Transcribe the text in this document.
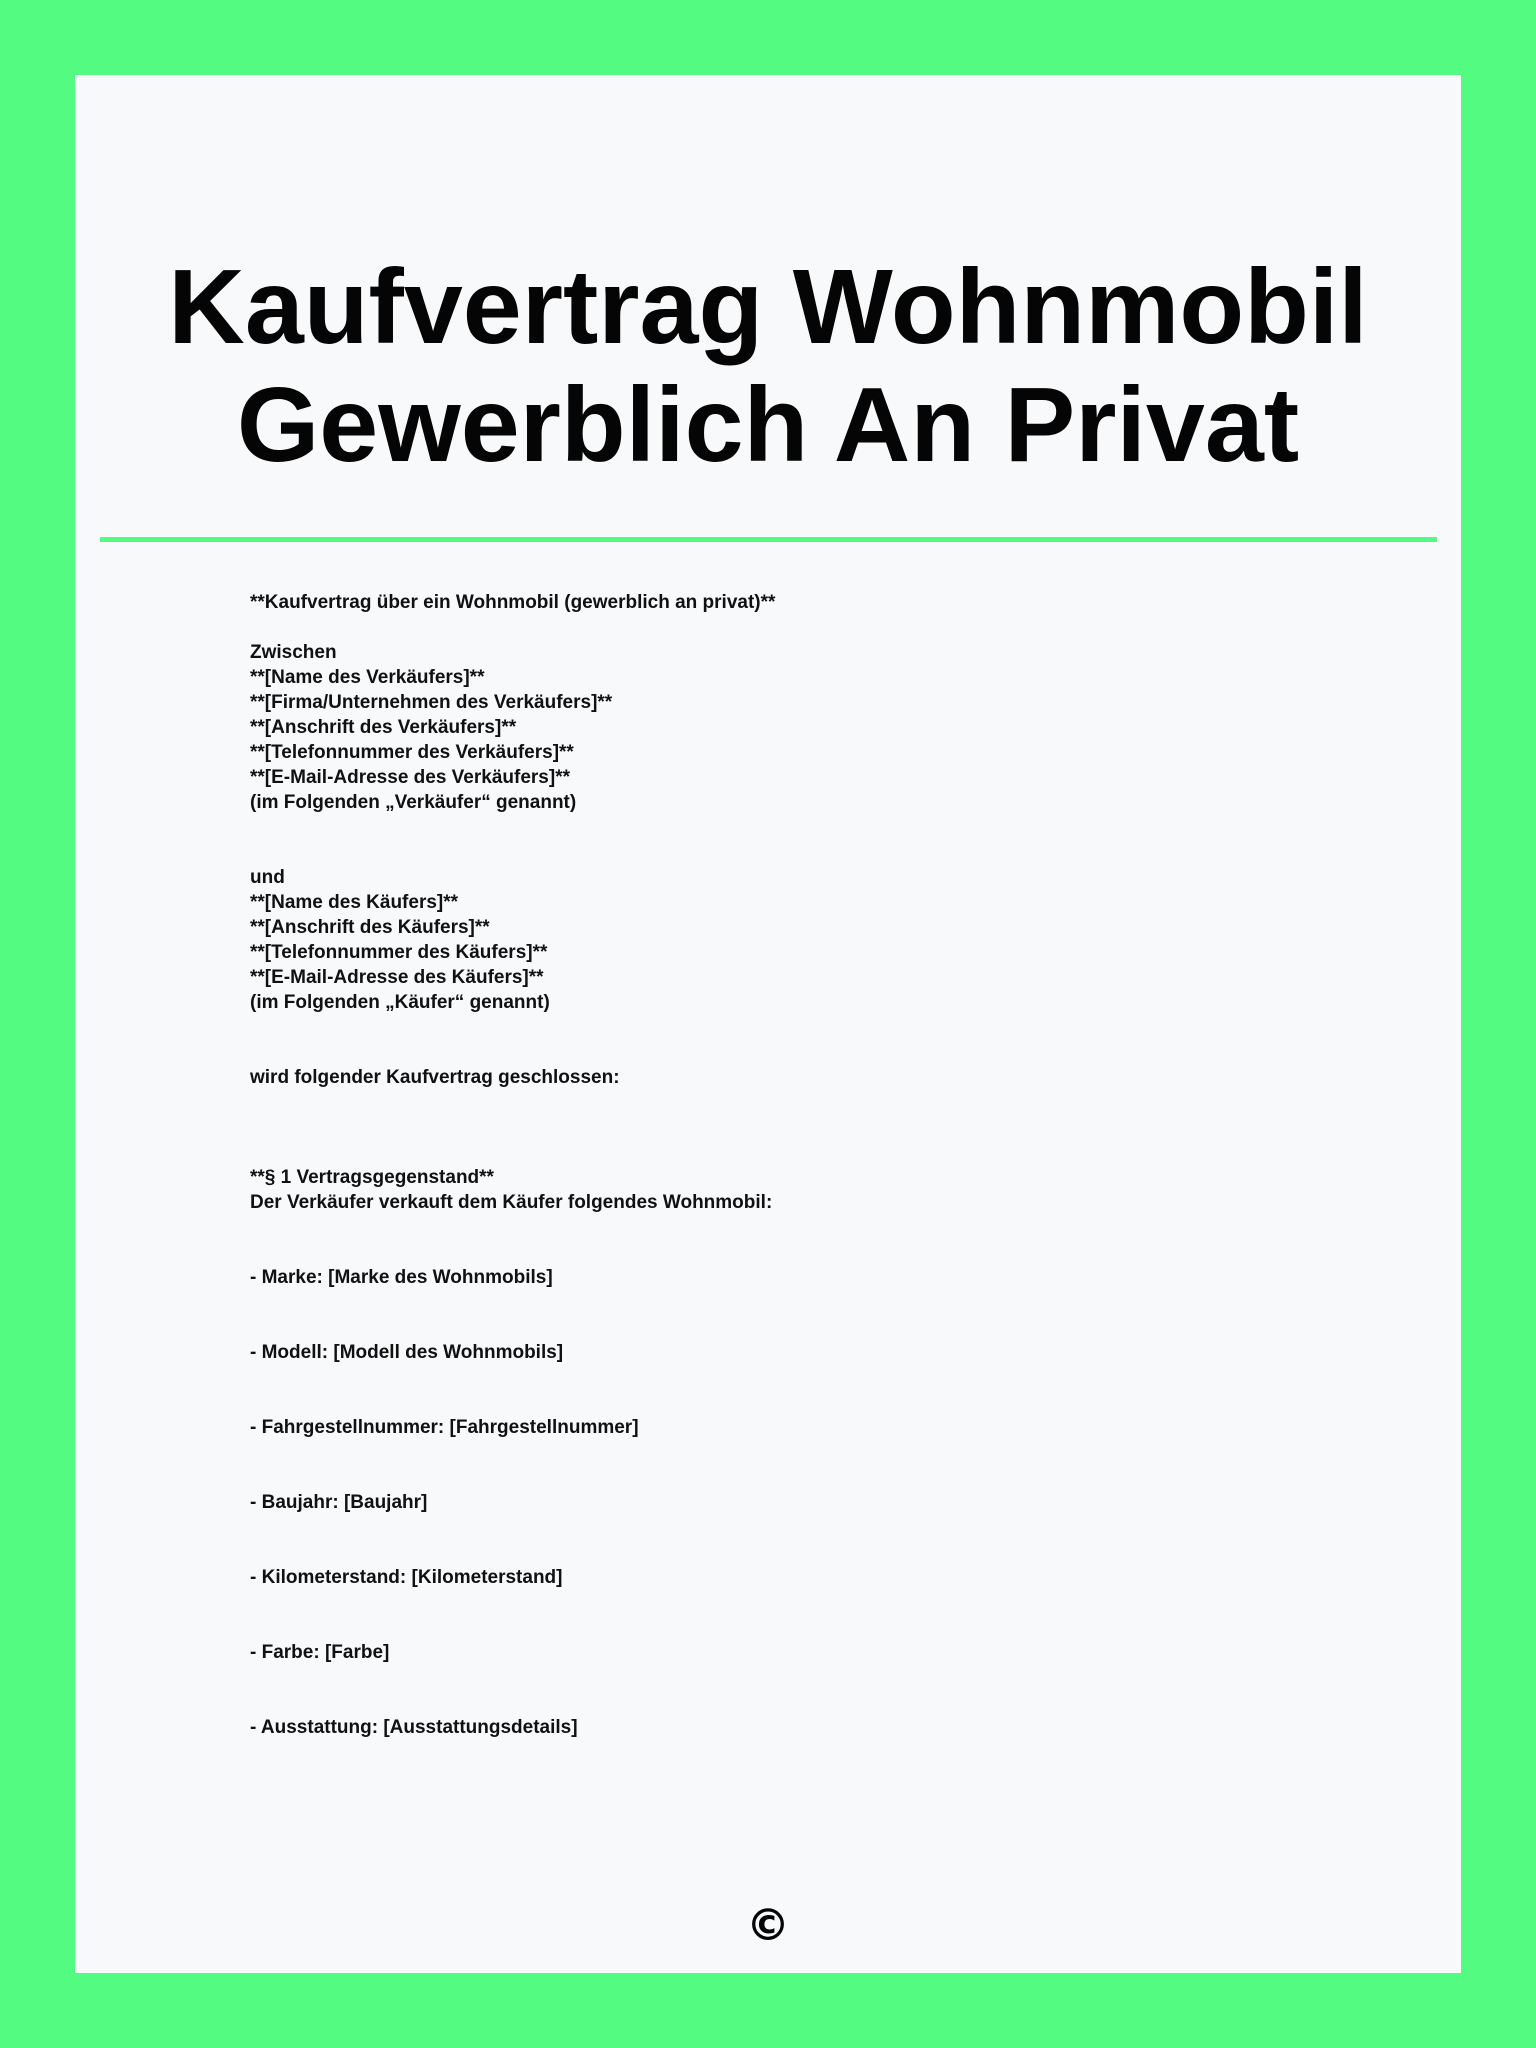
Kaufvertrag Wohnmobil
Gewerblich An Privat
**Kaufvertrag über ein Wohnmobil (gewerblich an privat)**
Zwischen
**[Name des Verkäufers]**
**[Firma/Unternehmen des Verkäufers]**
**[Anschrift des Verkäufers]**
**[Telefonnummer des Verkäufers]**
**[E-Mail-Adresse des Verkäufers]**
(im Folgenden „Verkäufer“ genannt)
und
**[Name des Käufers]**
**[Anschrift des Käufers]**
**[Telefonnummer des Käufers]**
**[E-Mail-Adresse des Käufers]**
(im Folgenden „Käufer“ genannt)
wird folgender Kaufvertrag geschlossen:
**§ 1 Vertragsgegenstand**
Der Verkäufer verkauft dem Käufer folgendes Wohnmobil:
- Marke: [Marke des Wohnmobils]
- Modell: [Modell des Wohnmobils]
- Fahrgestellnummer: [Fahrgestellnummer]
- Baujahr: [Baujahr]
- Kilometerstand: [Kilometerstand]
- Farbe: [Farbe]
- Ausstattung: [Ausstattungsdetails]
©
